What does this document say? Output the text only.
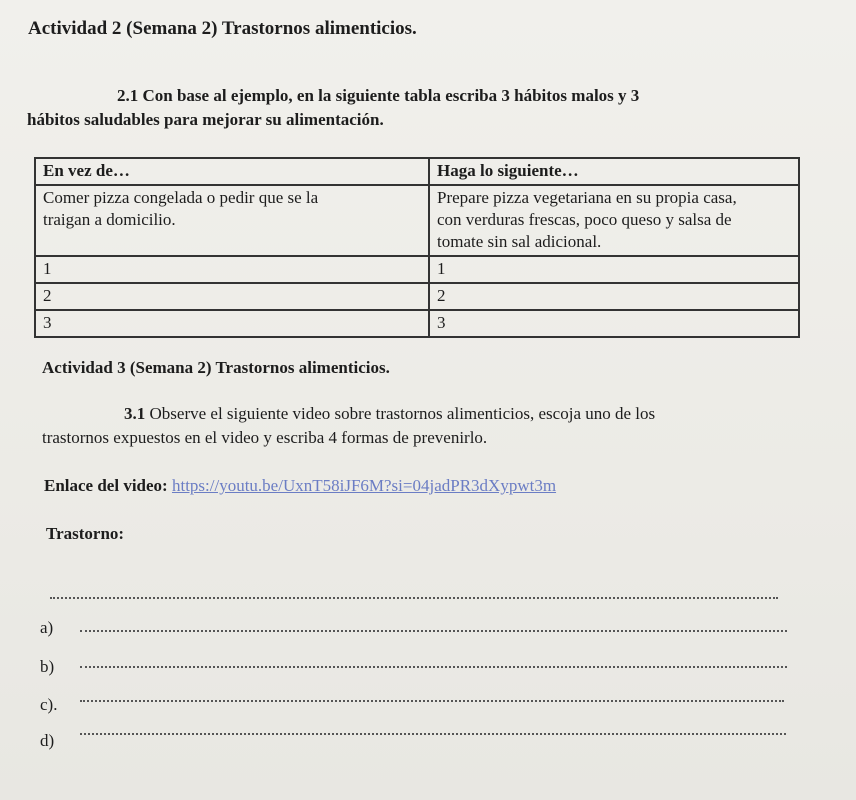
Actividad 2 (Semana 2) Trastornos alimenticios.
2.1 Con base al ejemplo, en la siguiente tabla escriba 3 hábitos malos y 3
hábitos saludables para mejorar su alimentación.
En vez de…	Haga lo siguiente…
Comer pizza congelada o pedir que se la
traigan a domicilio.	Prepare pizza vegetariana en su propia casa,
con verduras frescas, poco queso y salsa de
tomate sin sal adicional.
1	1
2	2
3	3
Actividad 3 (Semana 2) Trastornos alimenticios.
3.1 Observe el siguiente video sobre trastornos alimenticios, escoja uno de los
trastornos expuestos en el video y escriba 4 formas de prevenirlo.
Enlace del video: https://youtu.be/UxnT58iJF6M?si=04jadPR3dXypwt3m
Trastorno:
a)
b)
c).
d)
